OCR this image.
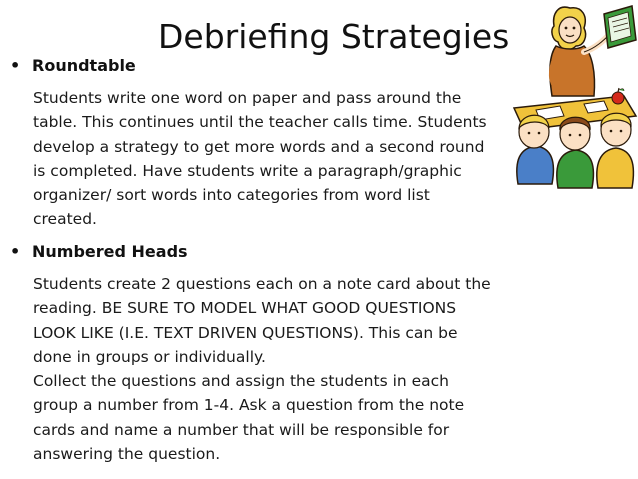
Debriefing Strategies
• Roundtable

Students write one word on paper and pass around the
table. This continues until the teacher calls time. Students
develop a strategy to get more words and a second round
is completed. Have students write a paragraph/graphic
organizer/ sort words into categories from word list
created.

• Numbered Heads

Students create 2 questions each on a note card about the
reading. BE SURE TO MODEL WHAT GOOD QUESTIONS
LOOK LIKE (I.E. TEXT DRIVEN QUESTIONS). This can be
done in groups or individually.

Collect the questions and assign the students in each
group a number from 1-4. Ask a question from the note
cards and name a number that will be responsible for
answering the question.
